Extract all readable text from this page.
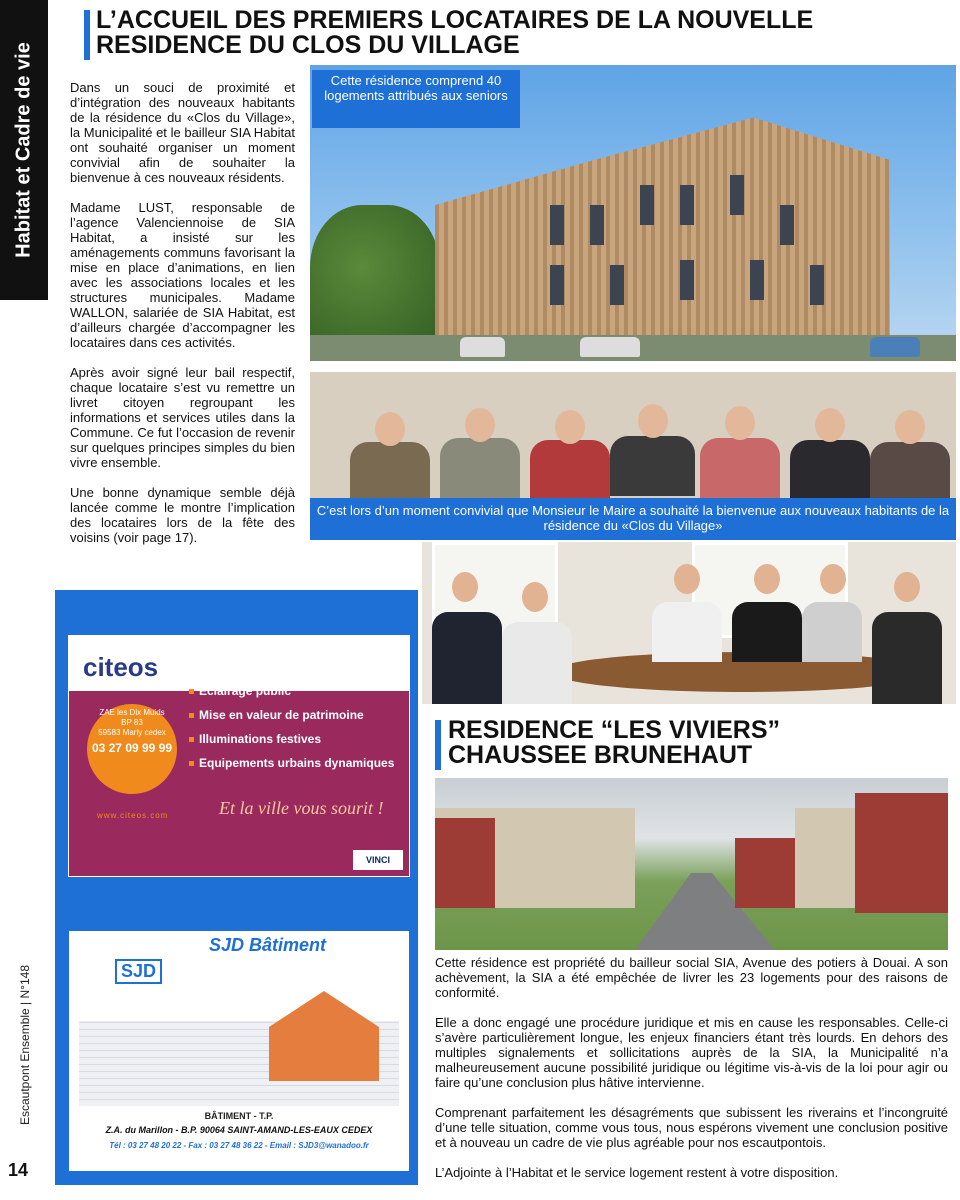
Habitat et Cadre de vie

L’ACCUEIL DES PREMIERS LOCATAIRES DE LA NOUVELLE

RESIDENCE DU CLOS DU VILLAGE

Dans un souci de proximité et d’intégration des nouveaux habitants de la résidence du «Clos du Village», la Municipalité et le bailleur SIA Habitat ont souhaité organiser un moment convivial afin de souhaiter la bienvenue à ces nouveaux résidents.

Madame LUST, responsable de l’agence Valenciennoise de SIA Habitat, a insisté sur les aménagements communs favorisant la mise en place d’animations, en lien avec les associations locales et les structures municipales. Madame WALLON, salariée de SIA Habitat, est d’ailleurs chargée d’accompagner les locataires dans ces activités.

Après avoir signé leur bail respectif, chaque locataire s’est vu remettre un livret citoyen regroupant les informations et services utiles dans la Commune. Ce fut l’occasion de revenir sur quelques principes simples du bien vivre ensemble.

Une bonne dynamique semble déjà lancée comme le montre l’implication des locataires lors de la fête des voisins (voir page 17).

Cette résidence comprend 40 logements attribués aux seniors
C’est lors d’un moment convivial que Monsieur le Maire a souhaité la bienvenue aux nouveaux habitants de la résidence du «Clos du Village»

RESIDENCE “LES VIVIERS”

CHAUSSEE BRUNEHAUT

Cette résidence est propriété du bailleur social SIA, Avenue des potiers à Douai. A son achèvement, la SIA a été empêchée de livrer les 23 logements pour des raisons de conformité.

Elle a donc engagé une procédure juridique et mis en cause les responsables. Celle-ci s’avère particulièrement longue, les enjeux financiers étant très lourds. En dehors des multiples signalements et sollicitations auprès de la SIA, la Municipalité n’a malheureusement aucune possibilité juridique ou légitime vis-à-vis de la loi pour agir ou faire qu’une conclusion plus hâtive intervienne.

Comprenant parfaitement les désagréments que subissent les riverains et l’incongruité d’une telle situation, comme vous tous, nous espérons vivement une conclusion positive et à nouveau un cadre de vie plus agréable pour nos escautpontois.

L’Adjointe à l’Habitat et le service logement restent à votre disposition.

citeos
ZAE les Dix Muids
BP 83
59583 Marly cedex
03 27 09 99 99
Eclairage public
Mise en valeur de patrimoine
Illuminations festives
Equipements urbains dynamiques
www.citeos.com	Et la ville vous sourit !
VINCI
SJD Bâtiment
SJD
BÂTIMENT - T.P.
Z.A. du Marillon - B.P. 90064 SAINT-AMAND-LES-EAUX CEDEX
Tél : 03 27 48 20 22 - Fax : 03 27 48 36 22 - Email : SJD3@wanadoo.fr
Escautpont Ensemble | N°148
14
